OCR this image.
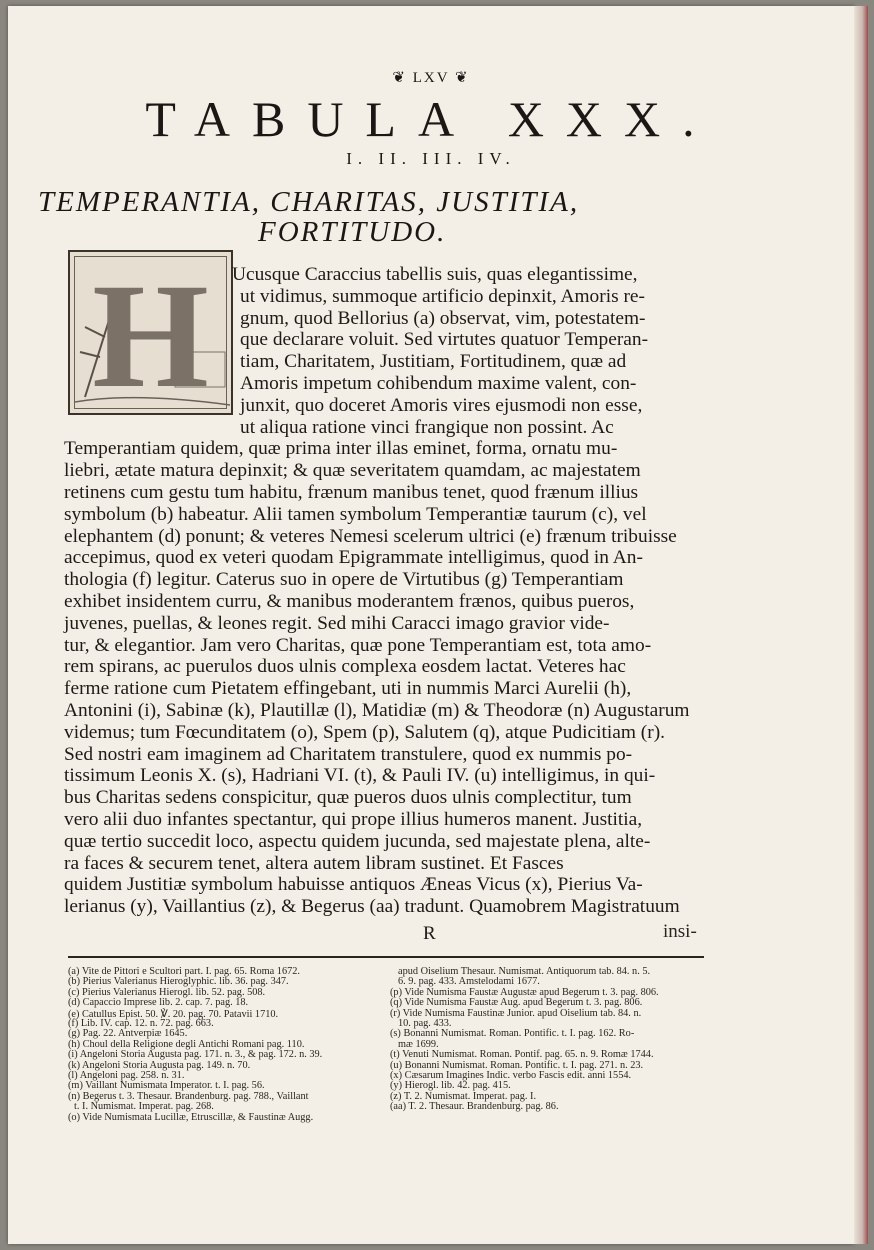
❦ LXV ❦
TABULA XXX.
I. II. III. IV.
TEMPERANTIA, CHARITAS, JUSTITIA,
FORTITUDO.
H	Ucusque Caraccius tabellis suis, quas elegantissime,
ut vidimus, summoque artificio depinxit, Amoris re-
gnum, quod Bellorius (a) observat, vim, potestatem-
que declarare voluit. Sed virtutes quatuor Temperan-
tiam, Charitatem, Justitiam, Fortitudinem, quæ ad
Amoris impetum cohibendum maxime valent, con-
junxit, quo doceret Amoris vires ejusmodi non esse,
ut aliqua ratione vinci frangique non possint. Ac
Temperantiam quidem, quæ prima inter illas eminet, forma, ornatu mu-
liebri, ætate matura depinxit; & quæ severitatem quamdam, ac majestatem
retinens cum gestu tum habitu, frænum manibus tenet, quod frænum illius
symbolum (b) habeatur. Alii tamen symbolum Temperantiæ taurum (c), vel
elephantem (d) ponunt; & veteres Nemesi scelerum ultrici (e) frænum tribuisse
accepimus, quod ex veteri quodam Epigrammate intelligimus, quod in An-
thologia (f) legitur. Caterus suo in opere de Virtutibus (g) Temperantiam
exhibet insidentem curru, & manibus moderantem frænos, quibus pueros,
juvenes, puellas, & leones regit. Sed mihi Caracci imago gravior vide-
tur, & elegantior. Jam vero Charitas, quæ pone Temperantiam est, tota amo-
rem spirans, ac puerulos duos ulnis complexa eosdem lactat. Veteres hac
ferme ratione cum Pietatem effingebant, uti in nummis Marci Aurelii (h),
Antonini (i), Sabinæ (k), Plautillæ (l), Matidiæ (m) & Theodoræ (n) Augustarum
videmus; tum Fœcunditatem (o), Spem (p), Salutem (q), atque Pudicitiam (r).
Sed nostri eam imaginem ad Charitatem transtulere, quod ex nummis po-
tissimum Leonis X. (s), Hadriani VI. (t), & Pauli IV. (u) intelligimus, in qui-
bus Charitas sedens conspicitur, quæ pueros duos ulnis complectitur, tum
vero alii duo infantes spectantur, qui prope illius humeros manent. Justitia,
quæ tertio succedit loco, aspectu quidem jucunda, sed majestate plena, alte-
ra faces & securem tenet, altera autem libram sustinet. Et Fasces
quidem Justitiæ symbolum habuisse antiquos Æneas Vicus (x), Pierius Va-
lerianus (y), Vaillantius (z), & Begerus (aa) tradunt. Quamobrem Magistratuum
R	insi-
(a) Vite de Pittori e Scultori part. I. pag. 65. Roma 1672.
(b) Pierius Valerianus Hieroglyphic. lib. 36. pag. 347.
(c) Pierius Valerianus Hierogl. lib. 52. pag. 508.
(d) Capaccio Imprese lib. 2. cap. 7. pag. 18.
(e) Catullus Epist. 50. ℣. 20. pag. 70. Patavii 1710.
(f) Lib. IV. cap. 12. n. 72. pag. 663.
(g) Pag. 22. Antverpiæ 1645.
(h) Choul della Religione degli Antichi Romani pag. 110.
(i) Angeloni Storia Augusta pag. 171. n. 3., & pag. 172. n. 39.
(k) Angeloni Storia Augusta pag. 149. n. 70.
(l) Angeloni pag. 258. n. 31.
(m) Vaillant Numismata Imperator. t. I. pag. 56.
(n) Begerus t. 3. Thesaur. Brandenburg. pag. 788., Vaillant
t. I. Numismat. Imperat. pag. 268.
(o) Vide Numismata Lucillæ, Etruscillæ, & Faustinæ Augg.
apud Oiselium Thesaur. Numismat. Antiquorum tab. 84. n. 5.
6. 9. pag. 433. Amstelodami 1677.
(p) Vide Numisma Faustæ Augustæ apud Begerum t. 3. pag. 806.
(q) Vide Numisma Faustæ Aug. apud Begerum t. 3. pag. 806.
(r) Vide Numisma Faustinæ Junior. apud Oiselium tab. 84. n.
10. pag. 433.
(s) Bonanni Numismat. Roman. Pontific. t. I. pag. 162. Ro-
mæ 1699.
(t) Venuti Numismat. Roman. Pontif. pag. 65. n. 9. Romæ 1744.
(u) Bonanni Numismat. Roman. Pontific. t. I. pag. 271. n. 23.
(x) Cæsarum Imagines Indic. verbo Fascis edit. anni 1554.
(y) Hierogl. lib. 42. pag. 415.
(z) T. 2. Numismat. Imperat. pag. I.
(aa) T. 2. Thesaur. Brandenburg. pag. 86.
